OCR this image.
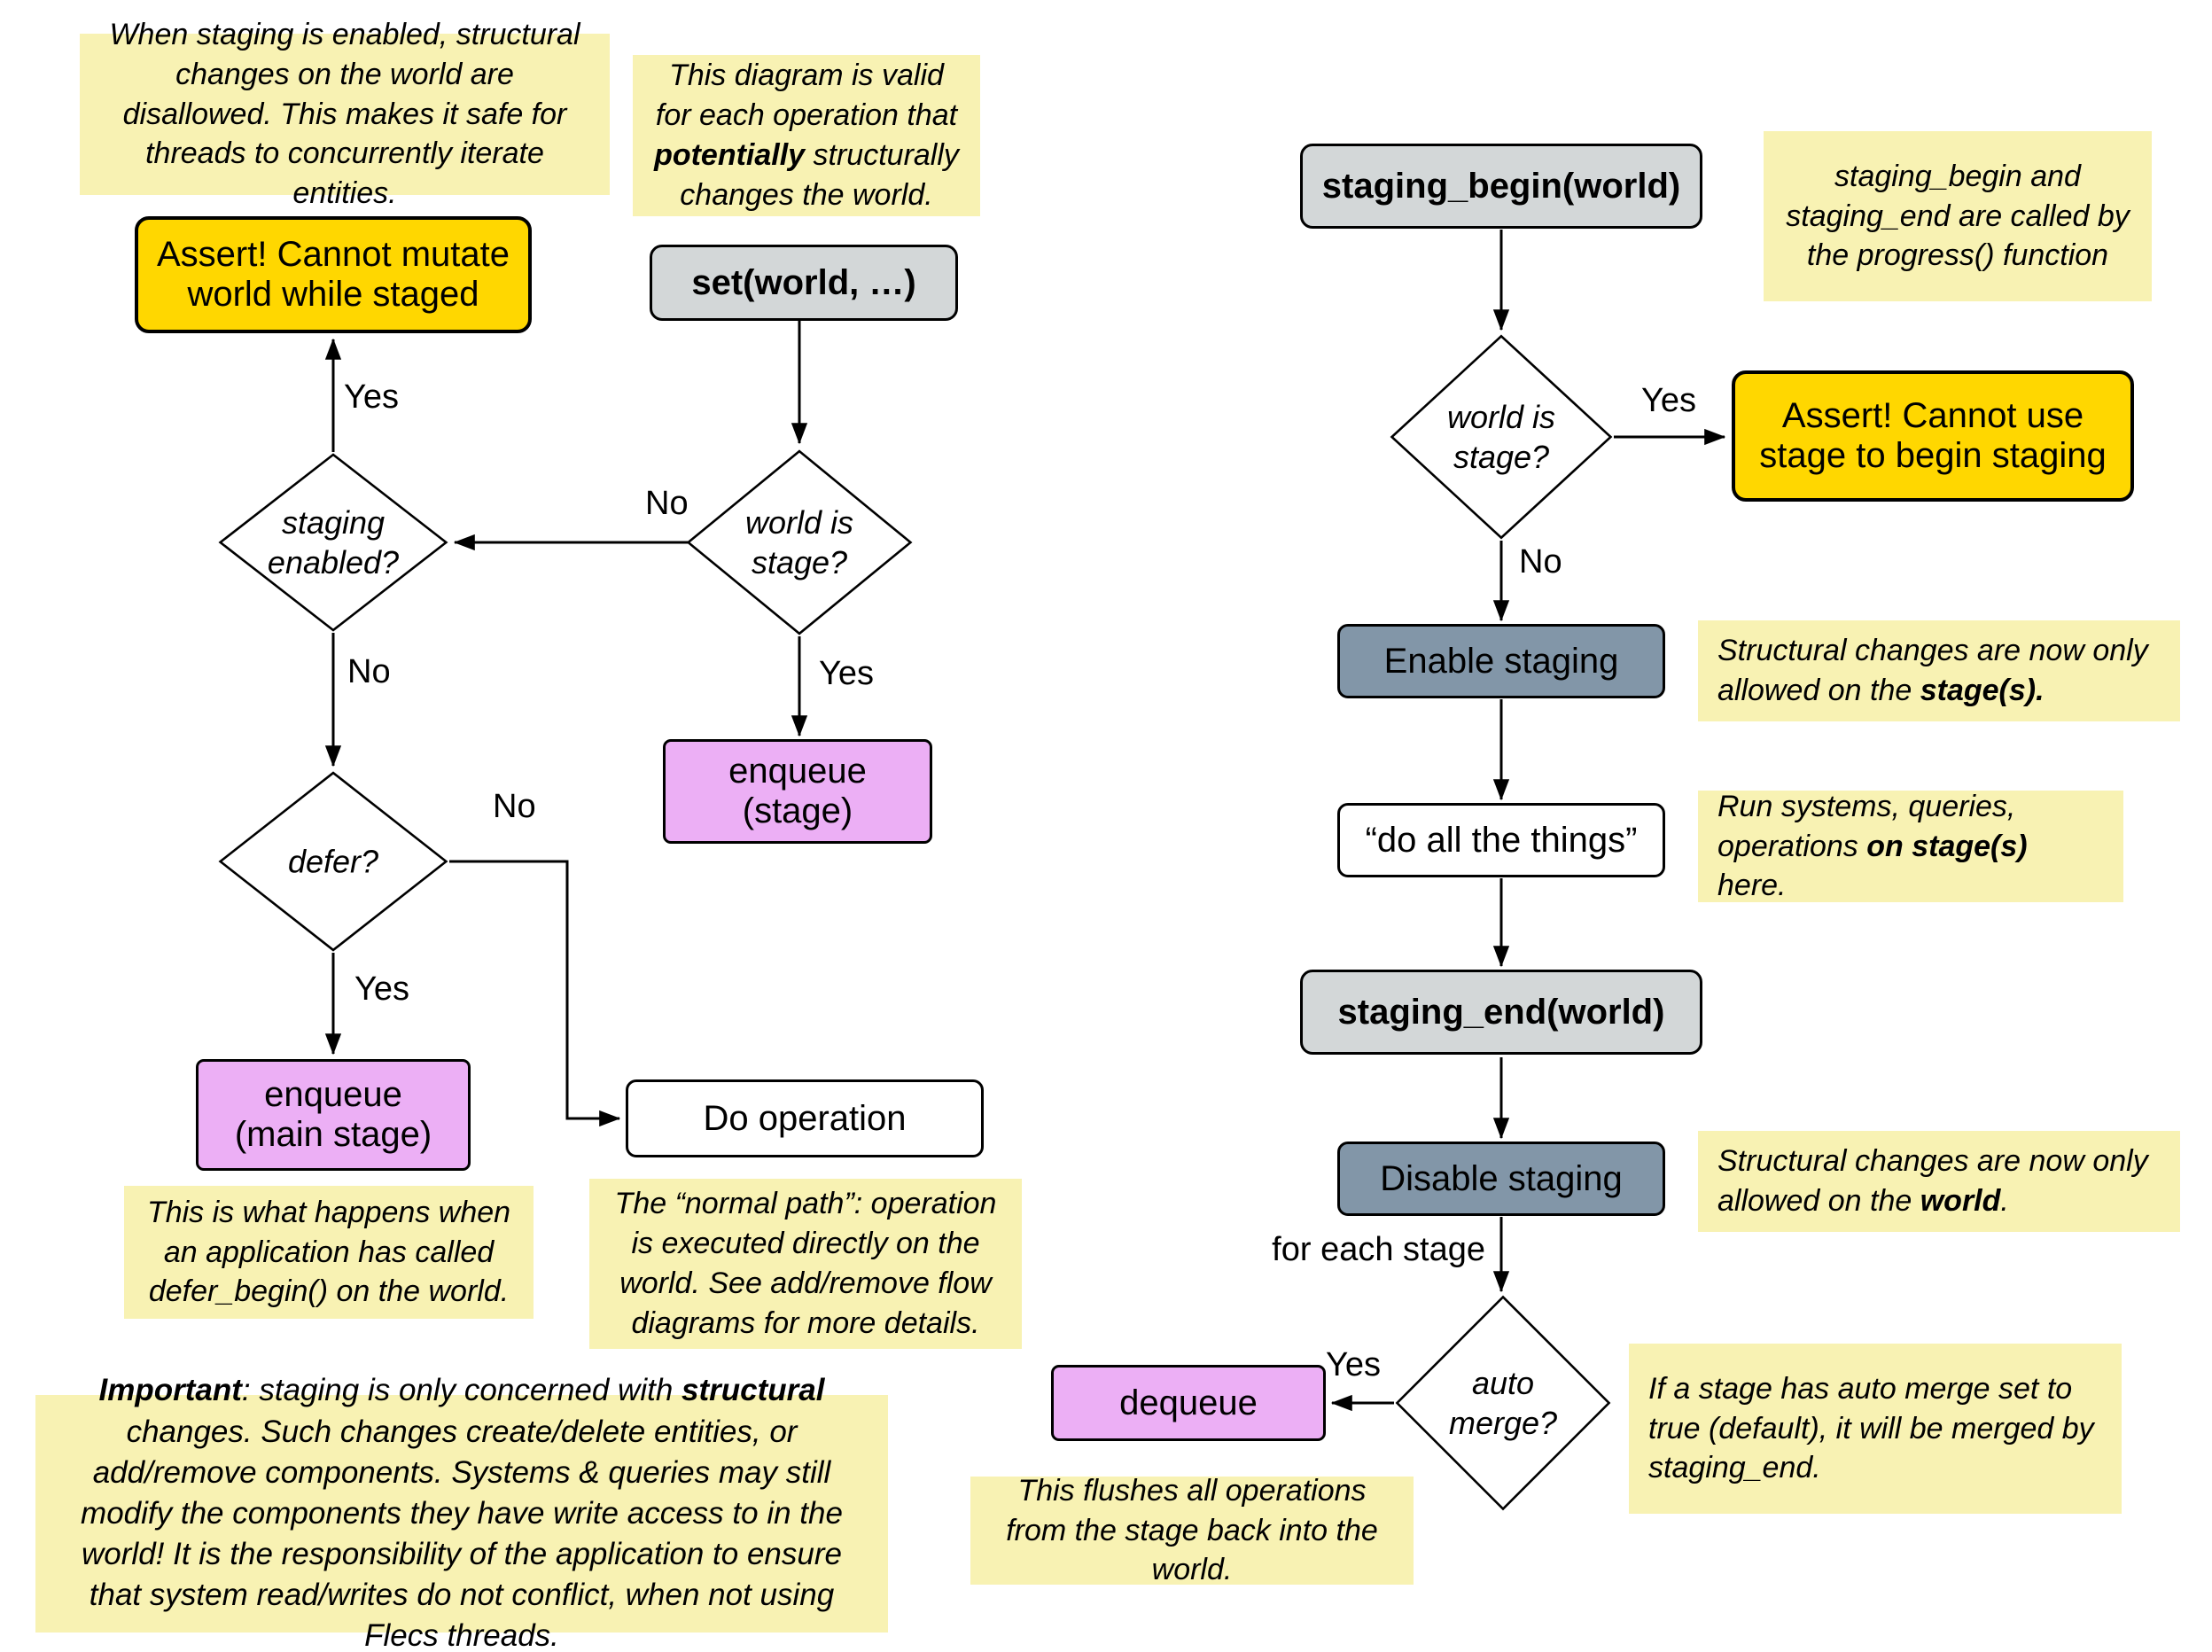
When staging is enabled, structural changes on the world are disallowed. This makes it safe for threads to concurrently iterate entities.
This diagram is valid for each operation that potentially structurally changes the world.
Assert! Cannot mutate world while staged	set(world, …)
staging enabled?
world is stage?
defer?
enqueue
(stage)
enqueue
(main stage)	Do operation
This is what happens when an application has called defer_begin() on the world.
The “normal path”: operation is executed directly on the world. See add/remove flow diagrams for more details.
Important: staging is only concerned with structural changes. Such changes create/delete entities, or add/remove components. Systems & queries may still modify the components they have write access to in the world! It is the responsibility of the application to ensure that system read/writes do not conflict, when not using Flecs threads.
Yes
No
No	Yes
No
Yes
staging_begin(world)	staging_begin and staging_end are called by the progress() function
world is stage?
Assert! Cannot use stage to begin staging
Enable staging	Structural changes are now only allowed on the stage(s).
“do all the things”
Run systems, queries, operations on stage(s) here.
staging_end(world)
Disable staging	Structural changes are now only allowed on the world.
for each stage
auto merge?
dequeue
This flushes all operations from the stage back into the world.
If a stage has auto merge set to true (default), it will be merged by staging_end.
Yes
No
Yes
